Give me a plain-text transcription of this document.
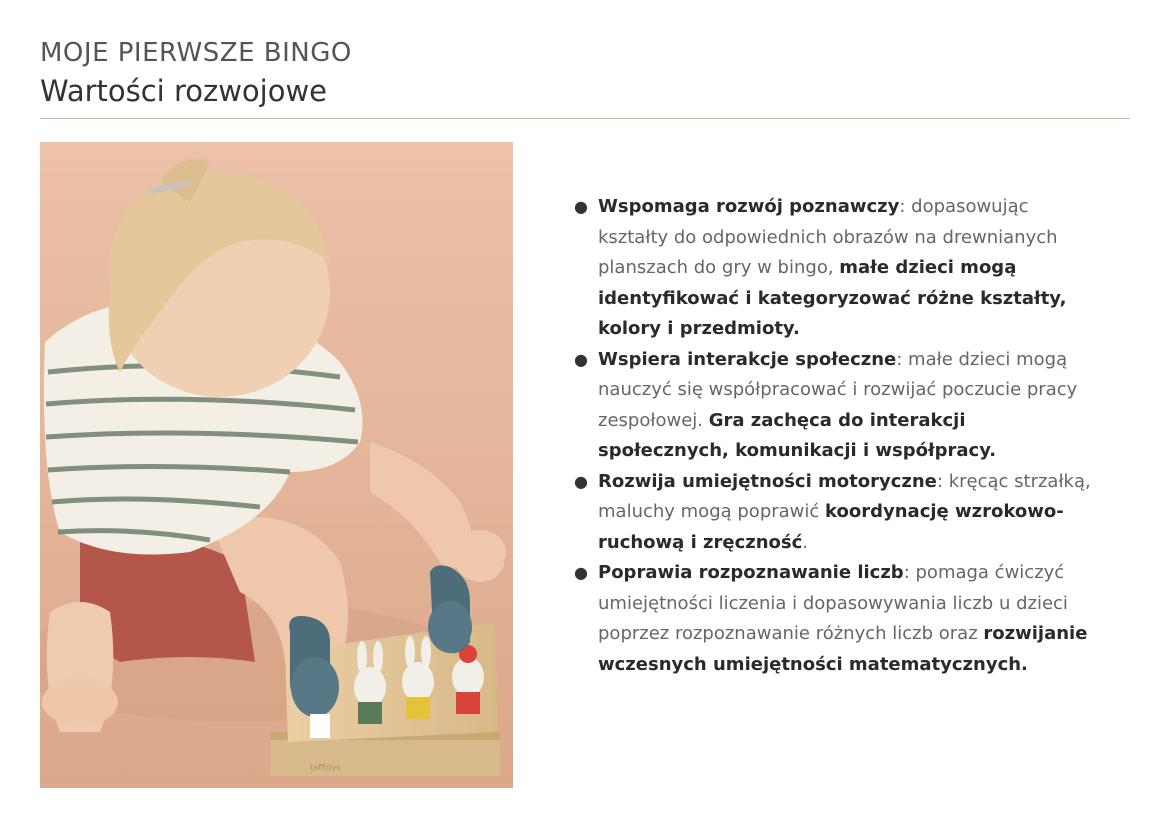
MOJE PIERWSZE BINGO
Wartości rozwojowe
tafftoys
● Wspomaga rozwój poznawczy: dopasowując kształty do odpowiednich obrazów na drewnianych planszach do gry w bingo, małe dzieci mogą identyfikować i kategoryzować różne kształty, kolory i przedmioty.
● Wspiera interakcje społeczne: małe dzieci mogą nauczyć się współpracować i rozwijać poczucie pracy zespołowej. Gra zachęca do interakcji społecznych, komunikacji i współpracy.
● Rozwija umiejętności motoryczne: kręcąc strzałką, maluchy mogą poprawić koordynację wzrokowo-ruchową i zręczność.
● Poprawia rozpoznawanie liczb: pomaga ćwiczyć umiejętności liczenia i dopasowywania liczb u dzieci poprzez rozpoznawanie różnych liczb oraz rozwijanie wczesnych umiejętności matematycznych.
